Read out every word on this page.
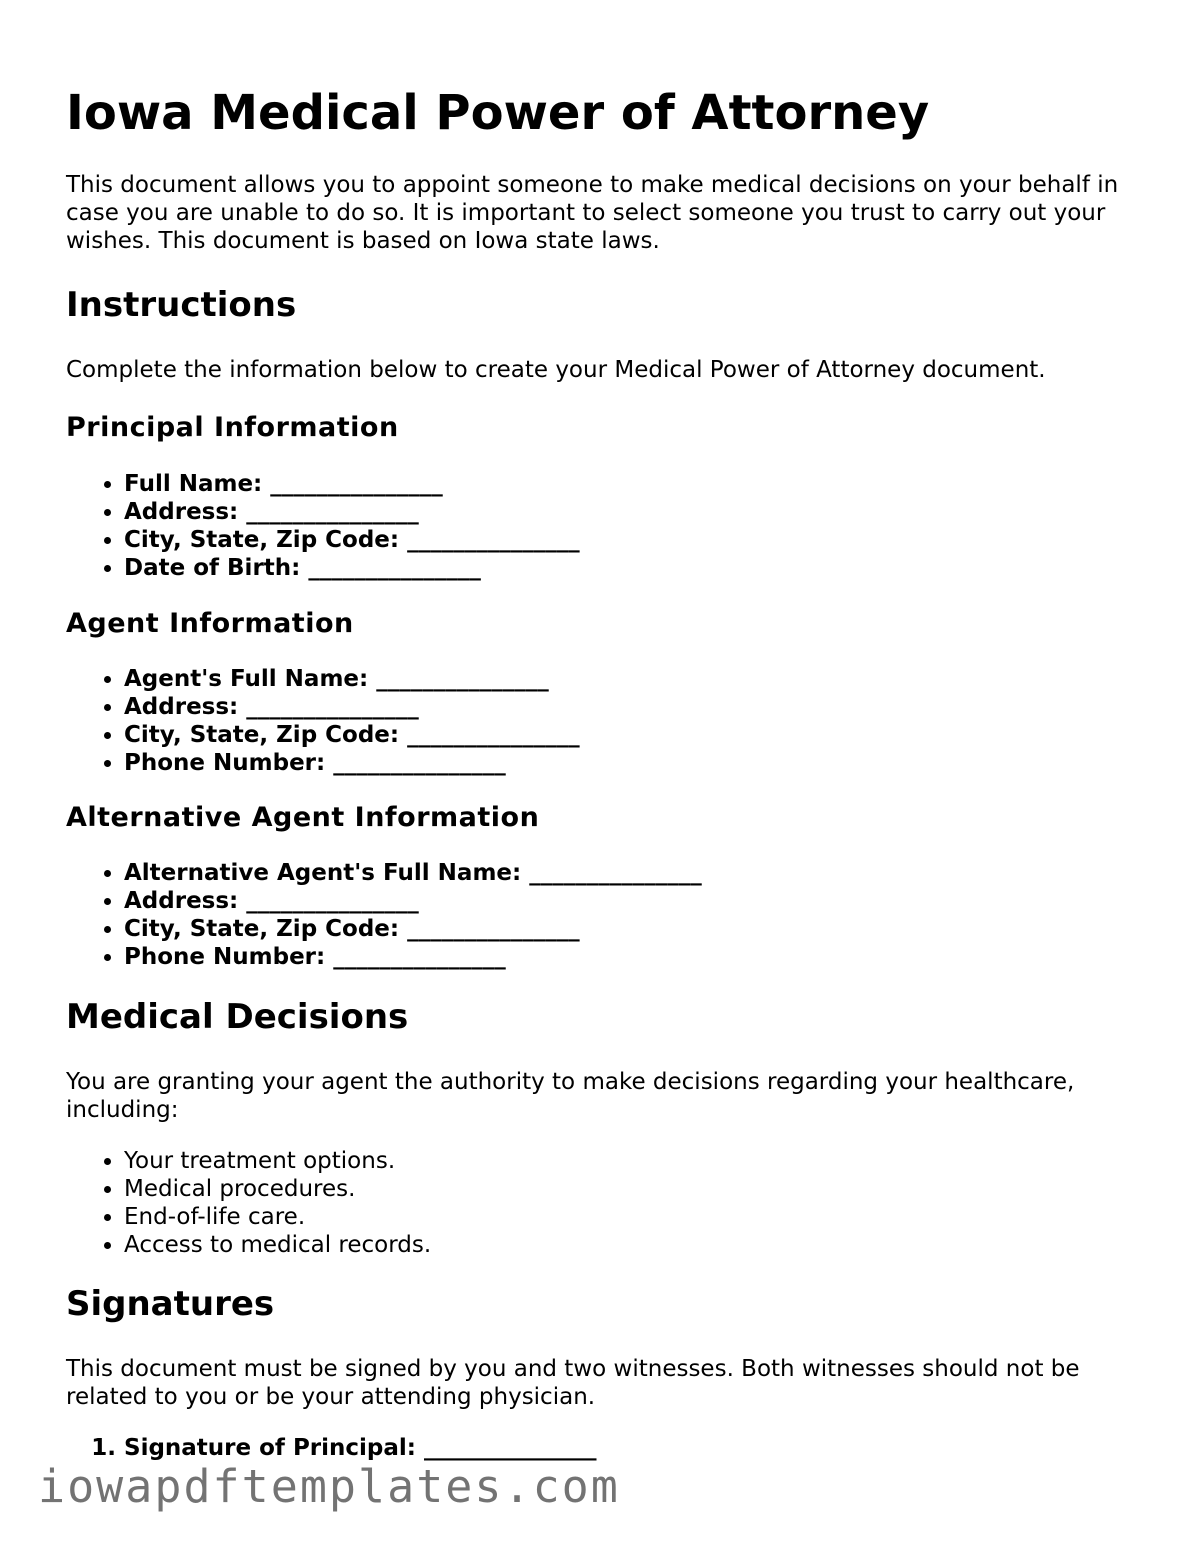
Iowa Medical Power of Attorney

This document allows you to appoint someone to make medical decisions on your behalf in case you are unable to do so. It is important to select someone you trust to carry out your wishes. This document is based on Iowa state laws.

Instructions

Complete the information below to create your Medical Power of Attorney document.

Principal Information
• Full Name: _______________
• Address: _______________
• City, State, Zip Code: _______________
• Date of Birth: _______________
Agent Information
• Agent's Full Name: _______________
• Address: _______________
• City, State, Zip Code: _______________
• Phone Number: _______________
Alternative Agent Information
• Alternative Agent's Full Name: _______________
• Address: _______________
• City, State, Zip Code: _______________
• Phone Number: _______________
Medical Decisions

You are granting your agent the authority to make decisions regarding your healthcare, including:

• Your treatment options.
• Medical procedures.
• End-of-life care.
• Access to medical records.
Signatures

This document must be signed by you and two witnesses. Both witnesses should not be related to you or be your attending physician.

1. Signature of Principal: _______________
iowapdftemplates.com
